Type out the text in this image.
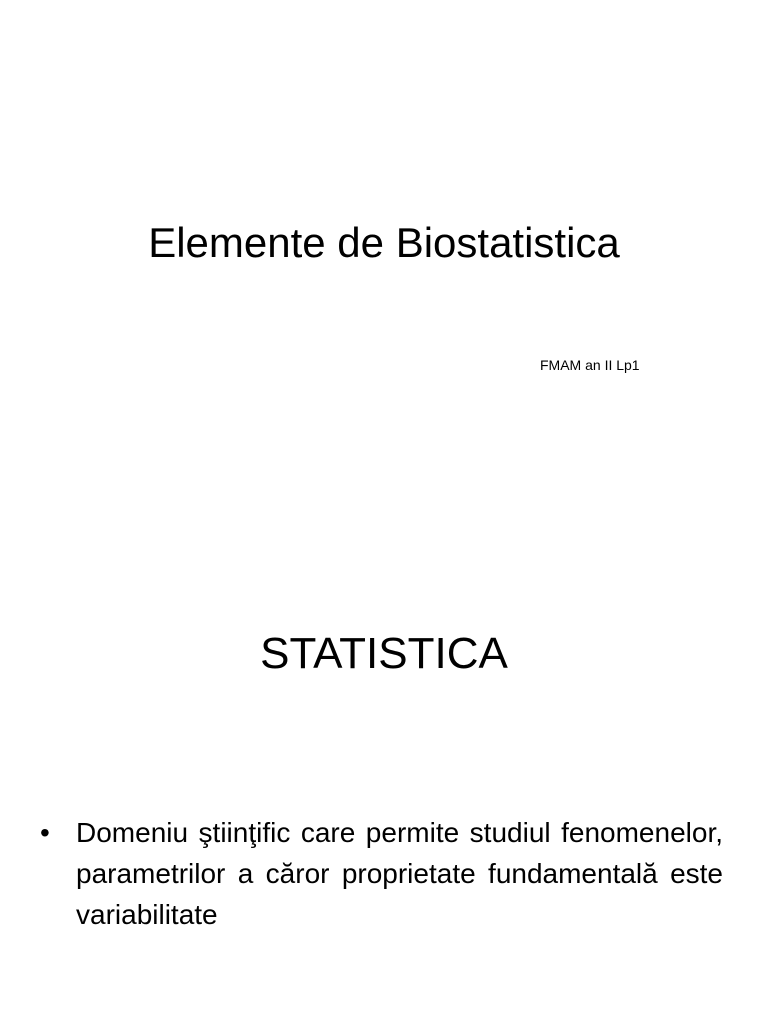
Elemente de Biostatistica

FMAM an II Lp1

STATISTICA
• Domeniu ştiinţific care permite studiul fenomenelor, parametrilor a căror proprietate fundamentală este variabilitate
